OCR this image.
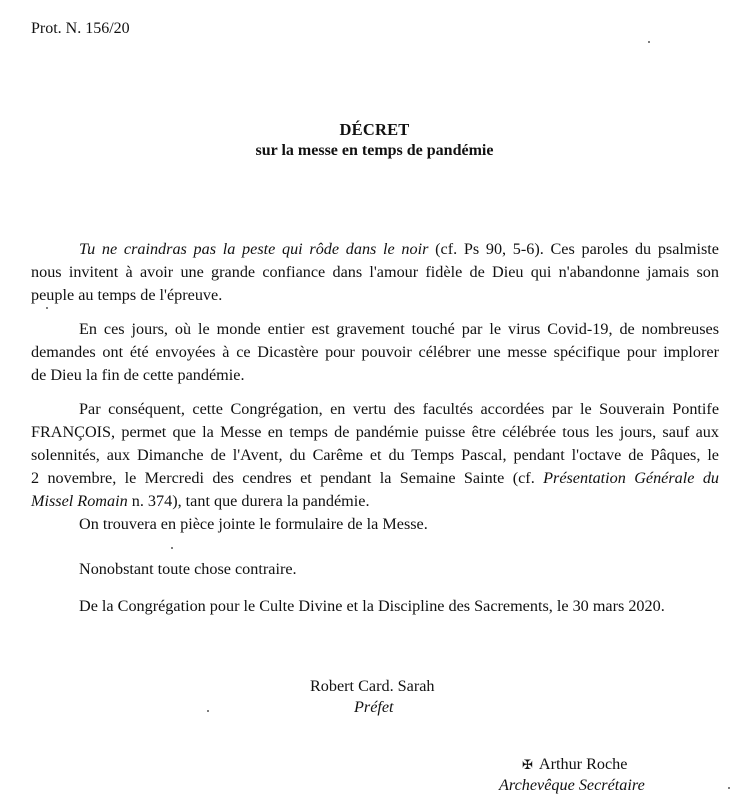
Prot. N. 156/20
DÉCRET
sur la messe en temps de pandémie
Tu ne craindras pas la peste qui rôde dans le noir (cf. Ps 90, 5-6). Ces paroles du psalmiste
nous invitent à avoir une grande confiance dans l'amour fidèle de Dieu qui n'abandonne jamais son
peuple au temps de l'épreuve.
En ces jours, où le monde entier est gravement touché par le virus Covid-19, de nombreuses
demandes ont été envoyées à ce Dicastère pour pouvoir célébrer une messe spécifique pour implorer
de Dieu la fin de cette pandémie.
Par conséquent, cette Congrégation, en vertu des facultés accordées par le Souverain Pontife
FRANÇOIS, permet que la Messe en temps de pandémie puisse être célébrée tous les jours, sauf aux
solennités, aux Dimanche de l'Avent, du Carême et du Temps Pascal, pendant l'octave de Pâques, le
2 novembre, le Mercredi des cendres et pendant la Semaine Sainte (cf. Présentation Générale du
Missel Romain n. 374), tant que durera la pandémie.
On trouvera en pièce jointe le formulaire de la Messe.
Nonobstant toute chose contraire.
De la Congrégation pour le Culte Divine et la Discipline des Sacrements, le 30 mars 2020.
Robert Card. Sarah
Préfet
✠ Arthur Roche
Archevêque Secrétaire
